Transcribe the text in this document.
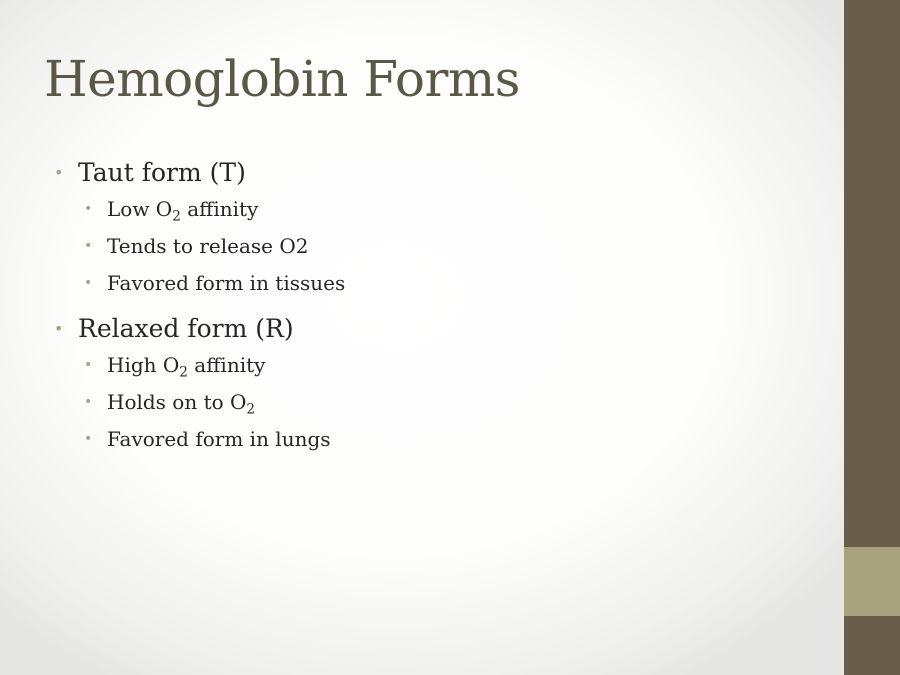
Hemoglobin Forms
• Taut form (T)
• Low $O_2$ affinity
• Tends to release O2
• Favored form in tissues
• Relaxed form (R)
• High $O_2$ affinity
• Holds on to $O_2$
• Favored form in lungs
